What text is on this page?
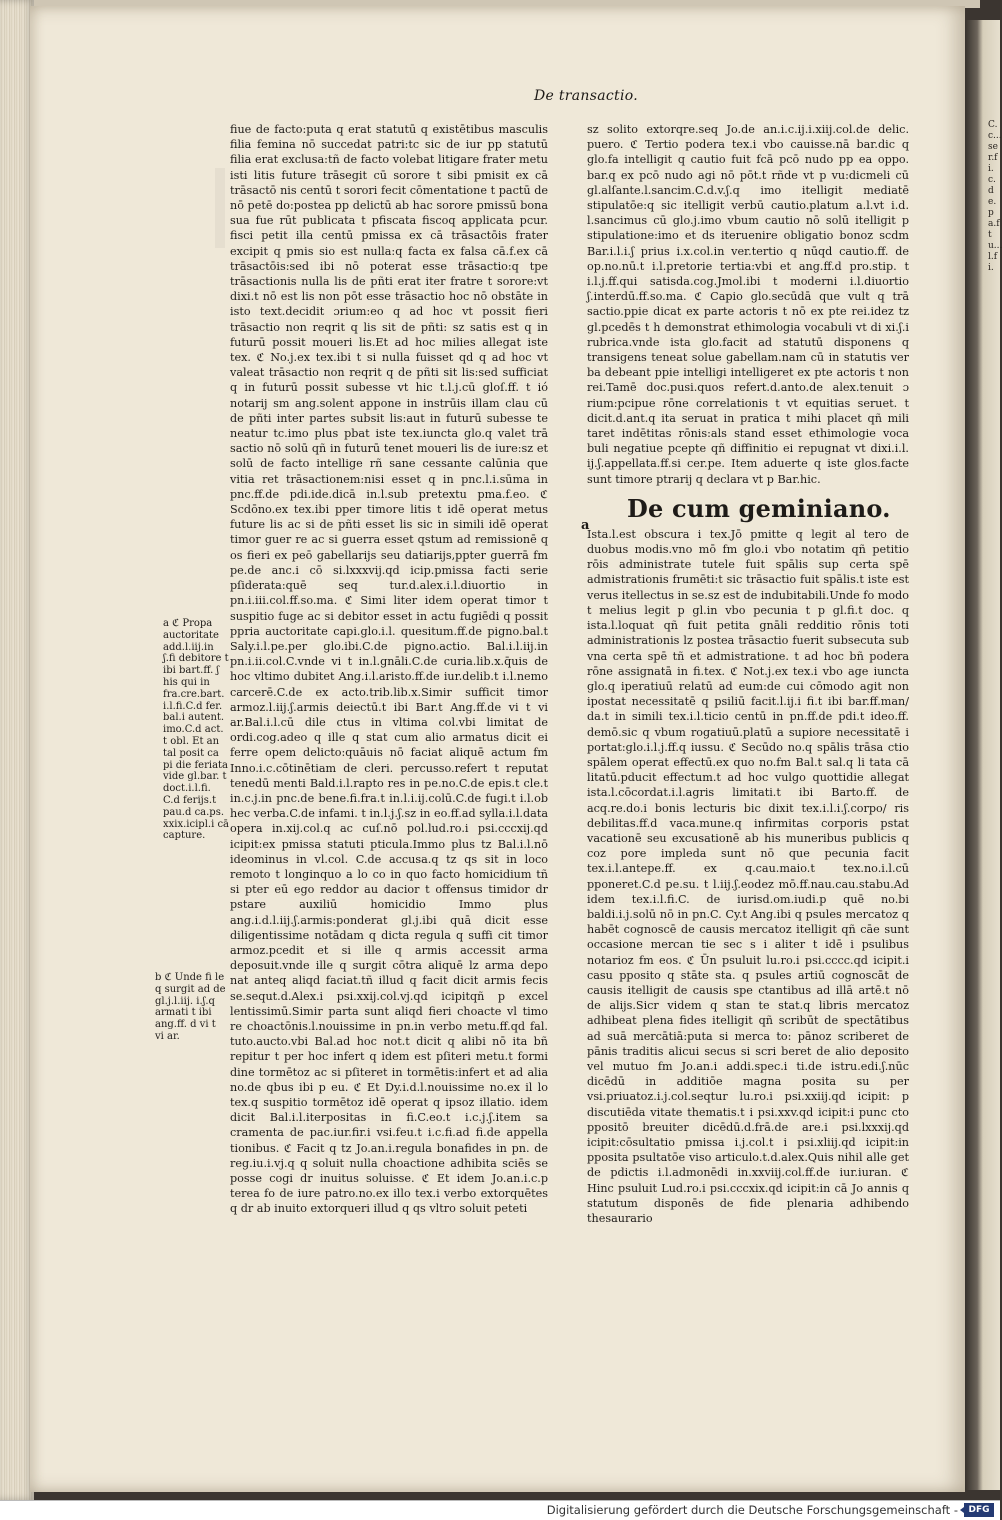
C.c...ser.fi.c.de.pa.ftu...l.fi.
De transactio.
a ℭ Propa auctoritate add.l.iij.in ʃ.fi debitore t ibi bart.ff. ʃ his qui in fra.cre.bart. i.l.fi.C.d fer. bal.i autent. imo.C.d act. t obl. Et an tal posit ca pi die feriata vide gl.bar. t doct.i.l.fi. C.d ferijs.t pau.d ca.ps. xxix.icipl.i cā capture.
b ℭ Unde fi le q surgit ad de gl.j.l.iij. i.ʃ.q armati t ibi ang.ff. d vi t vi ar.

fiue de facto:puta q erat statutū q existētibus masculis filia femina nō succedat patri:tc sic de iur pp statutū filia erat exclusa:tñ de facto volebat litigare frater metu isti litis future trāsegit cū sorore t sibi pmisit ex cā trāsactō nis centū t sorori fecit cōmentatione t pactū de nō petē do:postea pp delictū ab hac sorore pmissū bona sua fue rūt publicata t pfiscata fiscoq applicata pcur. fisci petit illa centū pmissa ex cā trāsactōis frater excipit q pmis sio est nulla:q facta ex falsa cā.f.ex cā trāsactōis:sed ibi nō poterat esse trāsactio:q tpe trāsactionis nulla lis de pñti erat iter fratre t sorore:vt dixi.t nō est lis non pōt esse trāsactio hoc nō obstāte in isto text.decidit ɔrium:eo q ad hoc vt possit fieri trāsactio non reqrit q lis sit de pñti: sz satis est q in futurū possit moueri lis.Et ad hoc milies allegat iste tex. ℭ No.j.ex tex.ibi t si nulla fuisset qd q ad hoc vt valeat trāsactio non reqrit q de pñti sit lis:sed sufficiat q in futurū possit subesse vt hic t.l.j.cū gloſ.ff. t ió notarij sm ang.solent appone in instrūis illam clau cū de pñti inter partes subsit lis:aut in futurū subesse te neatur tc.imo plus pbat iste tex.iuncta glo.q valet trā sactio nō solū qñ in futurū tenet moueri lis de iure:sz et solū de facto intellige rñ sane cessante calūnia que vitia ret trāsactionem:nisi esset q in pnc.l.i.sūma in pnc.ff.de pdi.ide.dicā in.l.sub pretextu pma.f.eo. ℭ Scdōno.ex tex.ibi pper timore litis t idē operat metus future lis ac si de pñti esset lis sic in simili idē operat timor guer re ac si guerra esset qstum ad remissionē q os fieri ex peō gabellarijs seu datiarijs,ppter guerrā fm pe.de anc.i cō si.lxxxvij.qd icip.pmissa facti serie pſiderata:quē seq tur.d.alex.i.l.diuortio in pn.i.iii.col.ff.so.ma. ℭ Simi liter idem operat timor t suspitio fuge ac si debitor esset in actu fugiēdi q possit ppria auctoritate capi.glo.i.l. quesitum.ff.de pigno.bal.t Saly.i.l.pe.per glo.ibi.C.de pigno.actio. Bal.i.l.iij.in pn.i.ii.col.C.vnde vi t in.l.gnāli.C.de curia.lib.x.q̄uis de hoc vltimo dubitet Ang.i.l.aristo.ff.de iur.delib.t i.l.nemo carcerē.C.de ex acto.trib.lib.x.Simir sufficit timor armoz.l.iij.ʃ.armis deiectū.t ibi Bar.t Ang.ff.de vi t vi ar.Bal.i.l.cū dile ctus in vltima col.vbi limitat de ordi.cog.adeo q ille q stat cum alio armatus dicit ei ferre opem delicto:quāuis nō faciat aliquē actum fm Inno.i.c.cōtinētiam de cleri. percusso.refert t reputat tenedū menti Bald.i.l.rapto res in pe.no.C.de epis.t cle.t in.c.j.in pnc.de bene.fi.fra.t in.l.i.ij.colū.C.de fugi.t i.l.ob hec verba.C.de infami. t in.l.j.ʃ.sz in eo.ff.ad sylla.i.l.data opera in.xij.col.q ac cuſ.nō pol.lud.ro.i psi.cccxij.qd icipit:ex pmissa statuti pticula.Immo plus tz Bal.i.l.nō ideominus in vl.col. C.de accusa.q tz qs sit in loco remoto t longinquo a lo co in quo facto homicidium tñ si pter eū ego reddor au dacior t offensus timidor dr pstare auxiliū homicidio Immo plus ang.i.d.l.iij.ʃ.armis:ponderat gl.j.ibi quā dicit esse diligentissime notādam q dicta regula q suffi cit timor armoz.pcedit et si ille q armis accessit arma deposuit.vnde ille q surgit cōtra aliquē lz arma depo nat anteq aliqd faciat.tñ illud q facit dicit armis fecis se.sequt.d.Alex.i psi.xxij.col.vj.qd icipitqñ p excel lentissimū.Simir parta sunt aliqd fieri choacte vl timo re choactōnis.l.nouissime in pn.in verbo metu.ff.qd fal. tuto.aucto.vbi Bal.ad hoc not.t dicit q alibi nō ita bñ repitur t per hoc infert q idem est pſiteri metu.t formi dine tormētoz ac si pſiteret in tormētis:infert et ad alia no.de qbus ibi p eu. ℭ Et Dy.i.d.l.nouissime no.ex il lo tex.q suspitio tormētoz idē operat q ipsoz illatio. idem dicit Bal.i.l.iterpositas in fi.C.eo.t i.c.j.ʃ.item sa cramenta de pac.iur.fir.i vsi.feu.t i.c.fi.ad fi.de appella tionibus. ℭ Facit q tz Jo.an.i.regula bonafides in pn. de reg.iu.i.vj.q q soluit nulla choactione adhibita sciēs se posse cogi dr inuitus soluisse. ℭ Et idem Jo.an.i.c.p terea fo de iure patro.no.ex illo tex.i verbo extorquētes q dr ab inuito extorqueri illud q qs vltro soluit peteti

a

sz solito extorqre.seq Jo.de an.i.c.ij.i.xiij.col.de delic. puero. ℭ Tertio podera tex.i vbo cauisse.nā bar.dic q glo.fa intelligit q cautio fuit fcā pcō nudo pp ea oppo. bar.q ex pcō nudo agi nō pōt.t rñde vt p vu:dicmeli cū gl.alſante.l.sancim.C.d.v.ʃ.q imo itelligit mediatē stipulatōe:q sic itelligit verbū cautio.platum a.l.vt i.d. l.sancimus cū glo.j.imo vbum cautio nō solū itelligit p stipulatione:imo et ds iteruenire obligatio bonoz scdm Bar.i.l.i.ʃ prius i.x.col.in ver.tertio q nūqd cautio.ff. de op.no.nū.t i.l.pretorie tertia:vbi et ang.ff.d pro.stip. t i.l.j.ff.qui satisda.cog.Jmol.ibi t moderni i.l.diuortio ʃ.interdū.ff.so.ma. ℭ Capio glo.secūdā que vult q trā sactio.ppie dicat ex parte actoris t nō ex pte rei.idez tz gl.pcedēs t h demonstrat ethimologia vocabuli vt di xi.ʃ.i rubrica.vnde ista glo.facit ad statutū disponens q transigens teneat solue gabellam.nam cū in statutis ver ba debeant ppie intelligi intelligeret ex pte actoris t non rei.Tamē doc.pusi.quos refert.d.anto.de alex.tenuit ɔ rium:pcipue rōne correlationis t vt equitias seruet. t dicit.d.ant.q ita seruat in pratica t mihi placet qñ mili taret indētitas rōnis:als stand esset ethimologie voca buli negatiue pcepte qñ diffinitio ei repugnat vt dixi.i.l. ij.ʃ.appellata.ff.si cer.pe. Item aduerte q iste glos.facte sunt timore ptrarij q declara vt p Bar.hic.

De cum geminiano.

Ista.l.est obscura i tex.Jō pmitte q legit al tero de duobus modis.vno mō fm glo.i vbo notatim qñ petitio rōis administrate tutele fuit spālis sup certa spē admistrationis frumēti:t sic trāsactio fuit spālis.t iste est verus itellectus in se.sz est de indubitabili.Unde fo modo t melius legit p gl.in vbo pecunia t p gl.fi.t doc. q ista.l.loquat qñ fuit petita gnāli redditio rōnis toti administrationis lz postea trāsactio fuerit subsecuta sub vna certa spē tñ et admistratione. t ad hoc bñ podera rōne assignatā in fi.tex. ℭ Not.j.ex tex.i vbo age iuncta glo.q iperatiuū relatū ad eum:de cui cōmodo agit non ipostat necessitatē q psiliū facit.l.ij.i fi.t ibi bar.ff.man/ da.t in simili tex.i.l.ticio centū in pn.ff.de pdi.t ideo.ff. demō.sic q vbum rogatiuū.platū a supiore necessitatē i portat:glo.i.l.j.ff.q iussu. ℭ Secūdo no.q spālis trāsa ctio spālem operat effectū.ex quo no.fm Bal.t sal.q li tata cā litatū.pducit effectum.t ad hoc vulgo quottidie allegat ista.l.cōcordat.i.l.agris limitati.t ibi Barto.ff. de acq.re.do.i bonis lecturis bic dixit tex.i.l.i.ʃ.corpo/ ris debilitas.ff.d vaca.mune.q infirmitas corporis pstat vacationē seu excusationē ab his muneribus publicis q coz pore impleda sunt nō que pecunia facit tex.i.l.antepe.ff. ex q.cau.maio.t tex.no.i.l.cū pponeret.C.d pe.su. t l.iij.ʃ.eodez mō.ff.nau.cau.stabu.Ad idem tex.i.l.fi.C. de iurisd.om.iudi.p quē no.bi baldi.i.j.solū nō in pn.C. Cy.t Ang.ibi q psules mercatoz q habēt cognoscē de causis mercatoz itelligit qñ cāe sunt occasione mercan tie sec s i aliter t idē i psulibus notarioz fm eos. ℭ Ūn psuluit lu.ro.i psi.cccc.qd icipit.i casu pposito q stāte sta. q psules artiū cognoscāt de causis itelligit de causis spe ctantibus ad illā artē.t nō de alijs.Sicr videm q stan te stat.q libris mercatoz adhibeat plena fides itelligit qñ scribūt de spectātibus ad suā mercātiā:puta si merca to: pānoz scriberet de pānis traditis alicui secus si scri beret de alio deposito vel mutuo fm Jo.an.i addi.spec.i ti.de istru.edi.ʃ.nūc dicēdū in additiōe magna posita su per vsi.priuatoz.i.j.col.seqtur lu.ro.i psi.xxiij.qd icipit: p discutiēda vitate thematis.t i psi.xxv.qd icipit:i punc cto ppositō breuiter dicēdū.d.frā.de are.i psi.lxxxij.qd icipit:cōsultatio pmissa i.j.col.t i psi.xliij.qd icipit:in pposita psultatōe viso articulo.t.d.alex.Quis nihil alle get de pdictis i.l.admonēdi in.xxviij.col.ff.de iur.iuran. ℭ Hinc psuluit Lud.ro.i psi.cccxix.qd icipit:in cā Jo annis q statutum disponēs de fide plenaria adhibendo thesaurario

Digitalisierung gefördert durch die Deutsche Forschungsgemeinschaft -	DFG
